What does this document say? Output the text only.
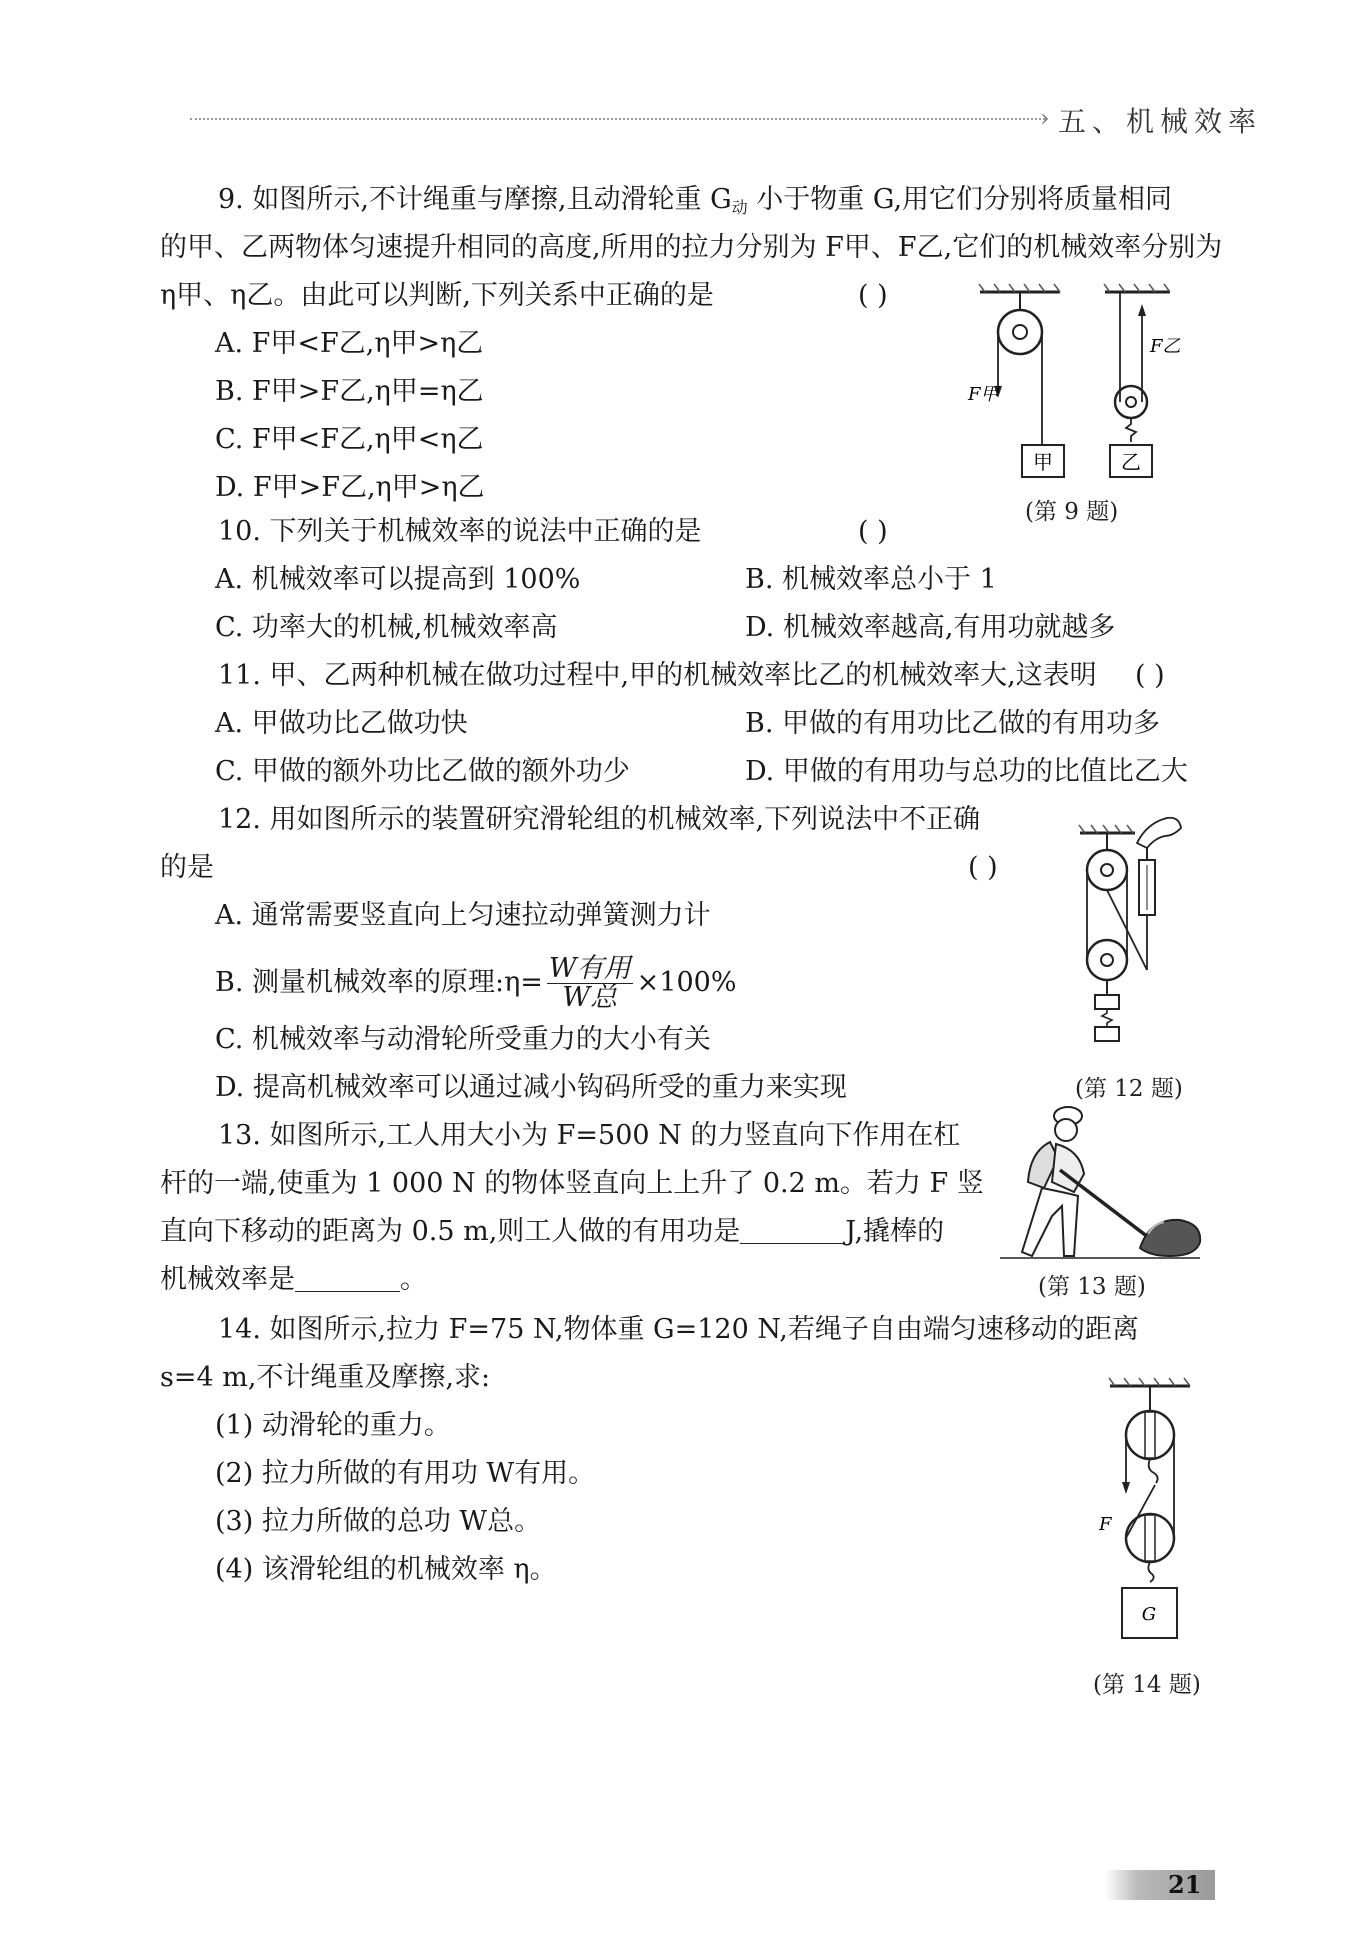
› 五、机械效率
9. 如图所示,不计绳重与摩擦,且动滑轮重 $G_动$ 小于物重 G,用它们分别将质量相同
的甲、乙两物体匀速提升相同的高度,所用的拉力分别为 F甲、F乙,它们的机械效率分别为
η甲、η乙。由此可以判断,下列关系中正确的是	( )
A. F甲<F乙,η甲>η乙
B. F甲>F乙,η甲=η乙
C. F甲<F乙,η甲<η乙
D. F甲>F乙,η甲>η乙
甲
F甲
F乙
乙
(第 9 题)
10. 下列关于机械效率的说法中正确的是	( )
A. 机械效率可以提高到 100%	B. 机械效率总小于 1
C. 功率大的机械,机械效率高	D. 机械效率越高,有用功就越多
11. 甲、乙两种机械在做功过程中,甲的机械效率比乙的机械效率大,这表明 ( )
A. 甲做功比乙做功快	B. 甲做的有用功比乙做的有用功多
C. 甲做的额外功比乙做的额外功少	D. 甲做的有用功与总功的比值比乙大
12. 用如图所示的装置研究滑轮组的机械效率,下列说法中不正确
的是	( )
A. 通常需要竖直向上匀速拉动弹簧测力计
B. 测量机械效率的原理:η= $\frac{\text{W有用}}{\text{W总}} \times 100\%$
C. 机械效率与动滑轮所受重力的大小有关
D. 提高机械效率可以通过减小钩码所受的重力来实现	(第 12 题)
13. 如图所示,工人用大小为 F=500 N 的力竖直向下作用在杠
杆的一端,使重为 1 000 N 的物体竖直向上上升了 0.2 m。若力 F 竖
直向下移动的距离为 0.5 m,则工人做的有用功是	J,撬棒的
机械效率是	。	(第 13 题)
14. 如图所示,拉力 F=75 N,物体重 G=120 N,若绳子自由端匀速移动的距离
s=4 m,不计绳重及摩擦,求:
(1) 动滑轮的重力。
(2) 拉力所做的有用功 W有用。
(3) 拉力所做的总功 W总。
(4) 该滑轮组的机械效率 η。
F
G
(第 14 题)
21
